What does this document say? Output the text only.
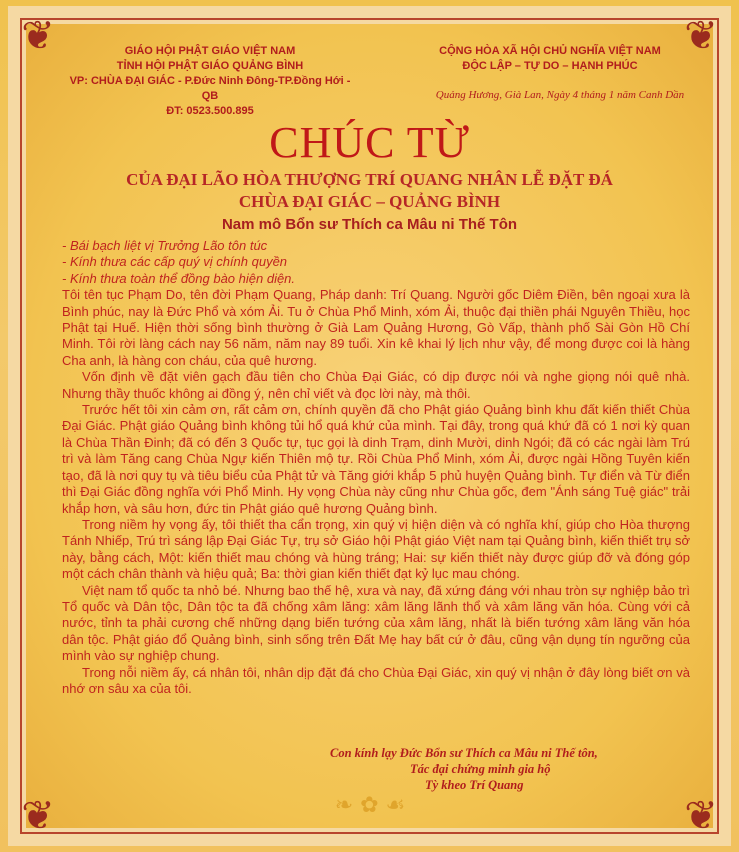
❦	❦
❦	❦
GIÁO HỘI PHẬT GIÁO VIỆT NAM
TỈNH HỘI PHẬT GIÁO QUẢNG BÌNH
VP: CHÙA ĐẠI GIÁC - P.Đức Ninh Đông-TP.Đồng Hới - QB
ĐT: 0523.500.895
CỘNG HÒA XÃ HỘI CHỦ NGHĨA VIỆT NAM
ĐỘC LẬP – TỰ DO – HẠNH PHÚC
Quảng Hương, Già Lan, Ngày 4 tháng 1 năm Canh Dần
CHÚC TỪ
CỦA ĐẠI LÃO HÒA THƯỢNG TRÍ QUANG NHÂN LỄ ĐẶT ĐÁ
CHÙA ĐẠI GIÁC – QUẢNG BÌNH
Nam mô Bổn sư Thích ca Mâu ni Thế Tôn

- Bái bạch liệt vị Trưởng Lão tôn túc

- Kính thưa các cấp quý vị chính quyền

- Kính thưa toàn thể đồng bào hiện diện.

Tôi tên tục Phạm Do, tên đời Phạm Quang, Pháp danh: Trí Quang. Người gốc Diêm Điền, bên ngoại xưa là Bình phúc, nay là Đức Phổ và xóm Ải. Tu ở Chùa Phổ Minh, xóm Ải, thuộc đại thiền phái Nguyên Thiều, học Phật tại Huế. Hiện thời sống bình thường ở Già Lam Quảng Hương, Gò Vấp, thành phố Sài Gòn Hồ Chí Minh. Tôi rời làng cách nay 56 năm, năm nay 89 tuổi. Xin kê khai lý lịch như vậy, để mong được coi là hàng Cha anh, là hàng con cháu, của quê hương.

Vốn định về đặt viên gạch đầu tiên cho Chùa Đại Giác, có dịp được nói và nghe giọng nói quê nhà. Nhưng thầy thuốc không ai đồng ý, nên chỉ viết và đọc lời này, mà thôi.

Trước hết tôi xin cảm ơn, rất cảm ơn, chính quyền đã cho Phật giáo Quảng bình khu đất kiến thiết Chùa Đại Giác. Phật giáo Quảng bình không tủi hổ quá khứ của mình. Tại đây, trong quá khứ đã có 1 nơi kỳ quan là Chùa Thần Đinh; đã có đến 3 Quốc tự, tục gọi là dinh Trạm, dinh Mười, dinh Ngói; đã có các ngài làm Trú trì và làm Tăng cang Chùa Ngự kiến Thiên mộ tự. Rồi Chùa Phổ Minh, xóm Ải, được ngài Hồng Tuyên kiến tạo, đã là nơi quy tụ và tiêu biểu của Phật tử và Tăng giới khắp 5 phủ huyện Quảng bình. Tự điển và Từ điển thì Đại Giác đồng nghĩa với Phổ Minh. Hy vọng Chùa này cũng như Chùa gốc, đem "Ánh sáng Tuệ giác" trải khắp hơn, và sâu hơn, đức tin Phật giáo quê hương Quảng bình.

Trong niềm hy vọng ấy, tôi thiết tha cẩn trọng, xin quý vị hiện diện và có nghĩa khí, giúp cho Hòa thượng Tánh Nhiếp, Trú trì sáng lập Đại Giác Tự, trụ sở Giáo hội Phật giáo Việt nam tại Quảng bình, kiến thiết trụ sở này, bằng cách, Một: kiến thiết mau chóng và hùng tráng; Hai: sự kiến thiết này được giúp đỡ và đóng góp một cách chân thành và hiệu quả; Ba: thời gian kiến thiết đạt kỷ lục mau chóng.

Việt nam tổ quốc ta nhỏ bé. Nhưng bao thế hệ, xưa và nay, đã xứng đáng với nhau tròn sự nghiệp bảo trì Tổ quốc và Dân tộc, Dân tộc ta đã chống xâm lăng: xâm lăng lãnh thổ và xâm lăng văn hóa. Cùng với cả nước, tỉnh ta phải cương chế những dạng biến tướng của xâm lăng, nhất là biến tướng xâm lăng văn hóa dân tộc. Phật giáo đổ Quảng bình, sinh sống trên Đất Mẹ hay bất cứ ở đâu, cũng vận dụng tín ngưỡng của mình vào sự nghiệp chung.

Trong nỗi niềm ấy, cá nhân tôi, nhân dịp đặt đá cho Chùa Đại Giác, xin quý vị nhận ở đây lòng biết ơn và nhớ ơn sâu xa của tôi.

Con kính lạy Đức Bổn sư Thích ca Mâu ni Thế tôn,
Tác đại chứng minh gia hộ
Tỳ kheo Trí Quang
❧ ✿ ☙
